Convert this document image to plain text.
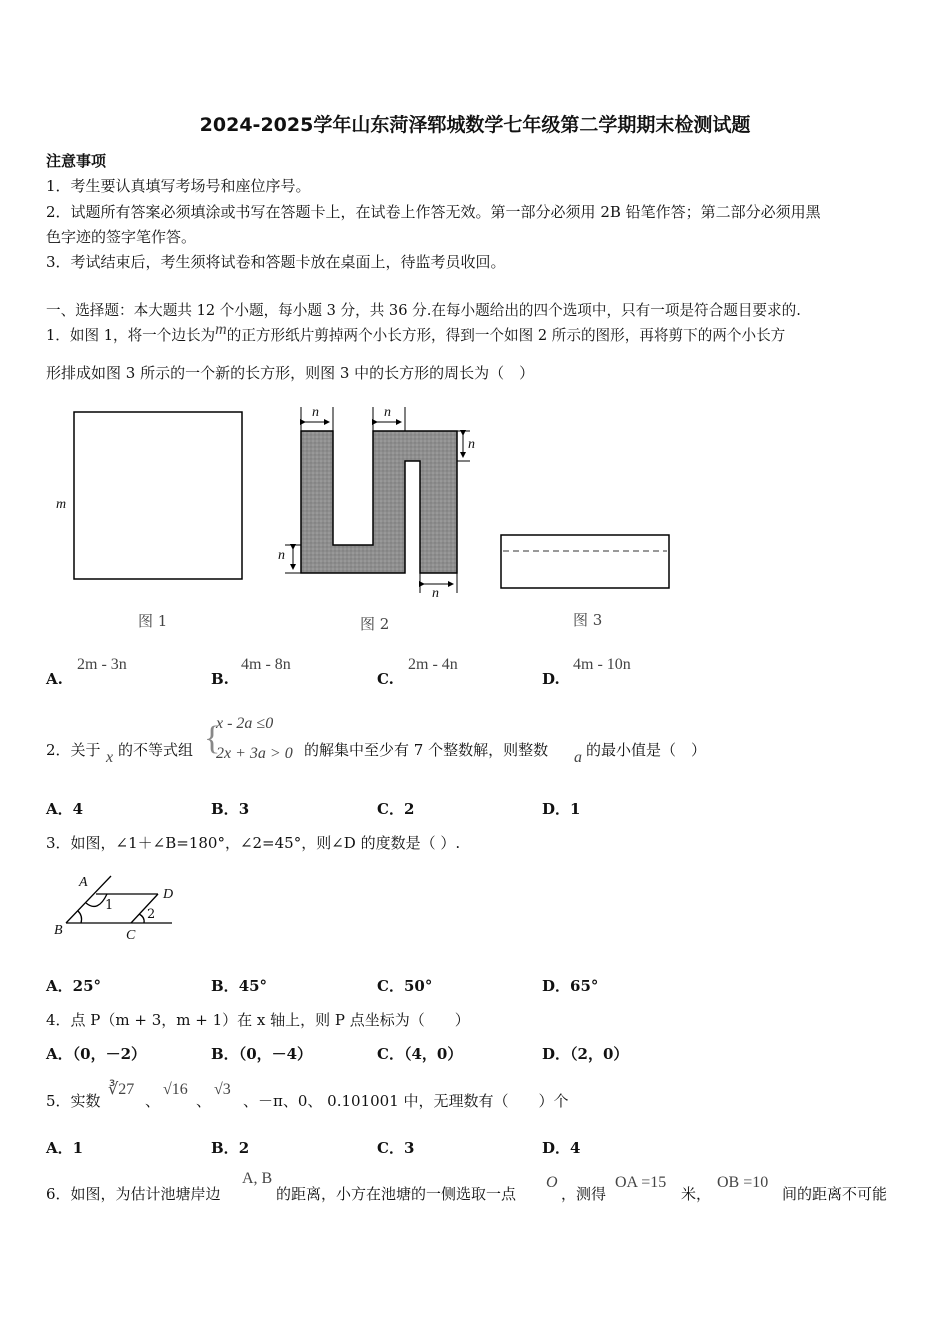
2024-2025学年山东菏泽郓城数学七年级第二学期期末检测试题
注意事项
1．考生要认真填写考场号和座位序号。
2．试题所有答案必须填涂或书写在答题卡上，在试卷上作答无效。第一部分必须用 2B 铅笔作答；第二部分必须用黑
色字迹的签字笔作答。
3．考试结束后，考生须将试卷和答题卡放在桌面上，待监考员收回。
一、选择题：本大题共 12 个小题，每小题 3 分，共 36 分.在每小题给出的四个选项中，只有一项是符合题目要求的.
1．如图 1，将一个边长为m的正方形纸片剪掉两个小长方形，得到一个如图 2 所示的图形，再将剪下的两个小长方
形排成如图 3 所示的一个新的长方形，则图 3 中的长方形的周长为（　）
m
n	n
n
n
n
图 1	图 2	图 3
A.
2m - 3n
B.
4m - 8n
C.
2m - 4n
D.
4m - 10n
2．关于 x 的不等式组 {
x - 2a ≤0
2x + 3a > 0 的解集中至少有 7 个整数解，则整数 a 的最小值是（　）
A．4	B．3	C．2	D．1
3．如图，∠1＋∠B=180°，∠2=45°，则∠D 的度数是（ ）.
A
D
B	C
1
2
A．25°	B．45°	C．50°	D．65°
4．点 P（m + 3，m + 1）在 x 轴上，则 P 点坐标为（　　）
A．（0，－2）	B．（0，－4）	C．（4，0）	D．（2，0）
5．实数
∛27
、
√16
、
√3
、－π、0、 0.101001 中，无理数有（　　）个
A．1	B．2	C．3	D．4
6．如图，为估计池塘岸边
A, B
的距离，小方在池塘的一侧选取一点
O
，测得
OA =15
米，
OB =10
间的距离不可能
